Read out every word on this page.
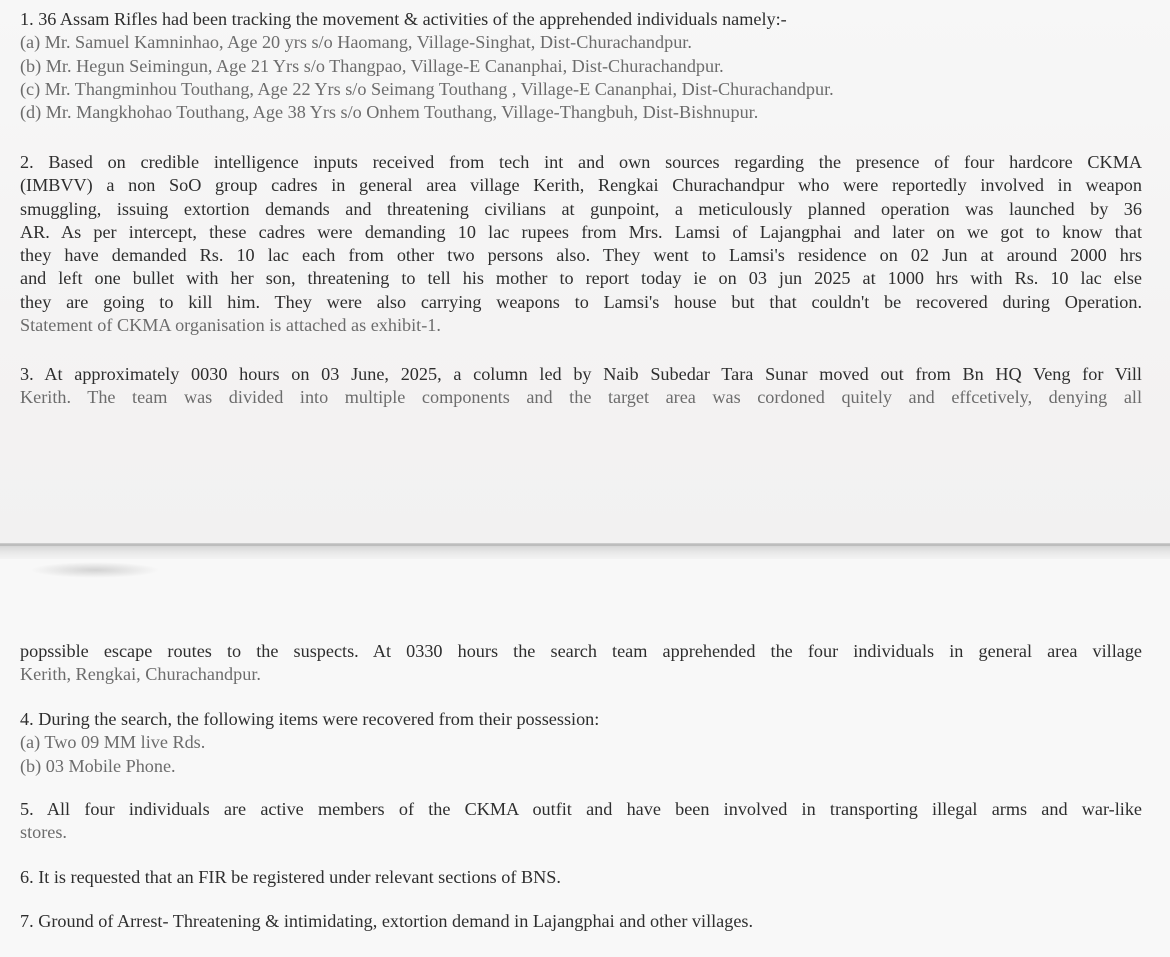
1. 36 Assam Rifles had been tracking the movement & activities of the apprehended individuals namely:-
(a) Mr. Samuel Kamninhao, Age 20 yrs s/o Haomang, Village-Singhat, Dist-Churachandpur.
(b) Mr. Hegun Seimingun, Age 21 Yrs s/o Thangpao, Village-E Cananphai, Dist-Churachandpur.
(c) Mr. Thangminhou Touthang, Age 22 Yrs s/o Seimang Touthang , Village-E Cananphai, Dist-Churachandpur.
(d) Mr. Mangkhohao Touthang, Age 38 Yrs s/o Onhem Touthang, Village-Thangbuh, Dist-Bishnupur.
2. Based on credible intelligence inputs received from tech int and own sources regarding the presence of four hardcore CKMA
(IMBVV) a non SoO group cadres in general area village Kerith, Rengkai Churachandpur who were reportedly involved in weapon
smuggling, issuing extortion demands and threatening civilians at gunpoint, a meticulously planned operation was launched by 36
AR. As per intercept, these cadres were demanding 10 lac rupees from Mrs. Lamsi of Lajangphai and later on we got to know that
they have demanded Rs. 10 lac each from other two persons also. They went to Lamsi's residence on 02 Jun at around 2000 hrs
and left one bullet with her son, threatening to tell his mother to report today ie on 03 jun 2025 at 1000 hrs with Rs. 10 lac else
they are going to kill him. They were also carrying weapons to Lamsi's house but that couldn't be recovered during Operation.
Statement of CKMA organisation is attached as exhibit-1.
3. At approximately 0030 hours on 03 June, 2025, a column led by Naib Subedar Tara Sunar moved out from Bn HQ Veng for Vill
Kerith. The team was divided into multiple components and the target area was cordoned quitely and effcetively, denying all
popssible escape routes to the suspects. At 0330 hours the search team apprehended the four individuals in general area village
Kerith, Rengkai, Churachandpur.
4. During the search, the following items were recovered from their possession:
(a) Two 09 MM live Rds.
(b) 03 Mobile Phone.
5. All four individuals are active members of the CKMA outfit and have been involved in transporting illegal arms and war-like
stores.
6. It is requested that an FIR be registered under relevant sections of BNS.
7. Ground of Arrest- Threatening & intimidating, extortion demand in Lajangphai and other villages.
